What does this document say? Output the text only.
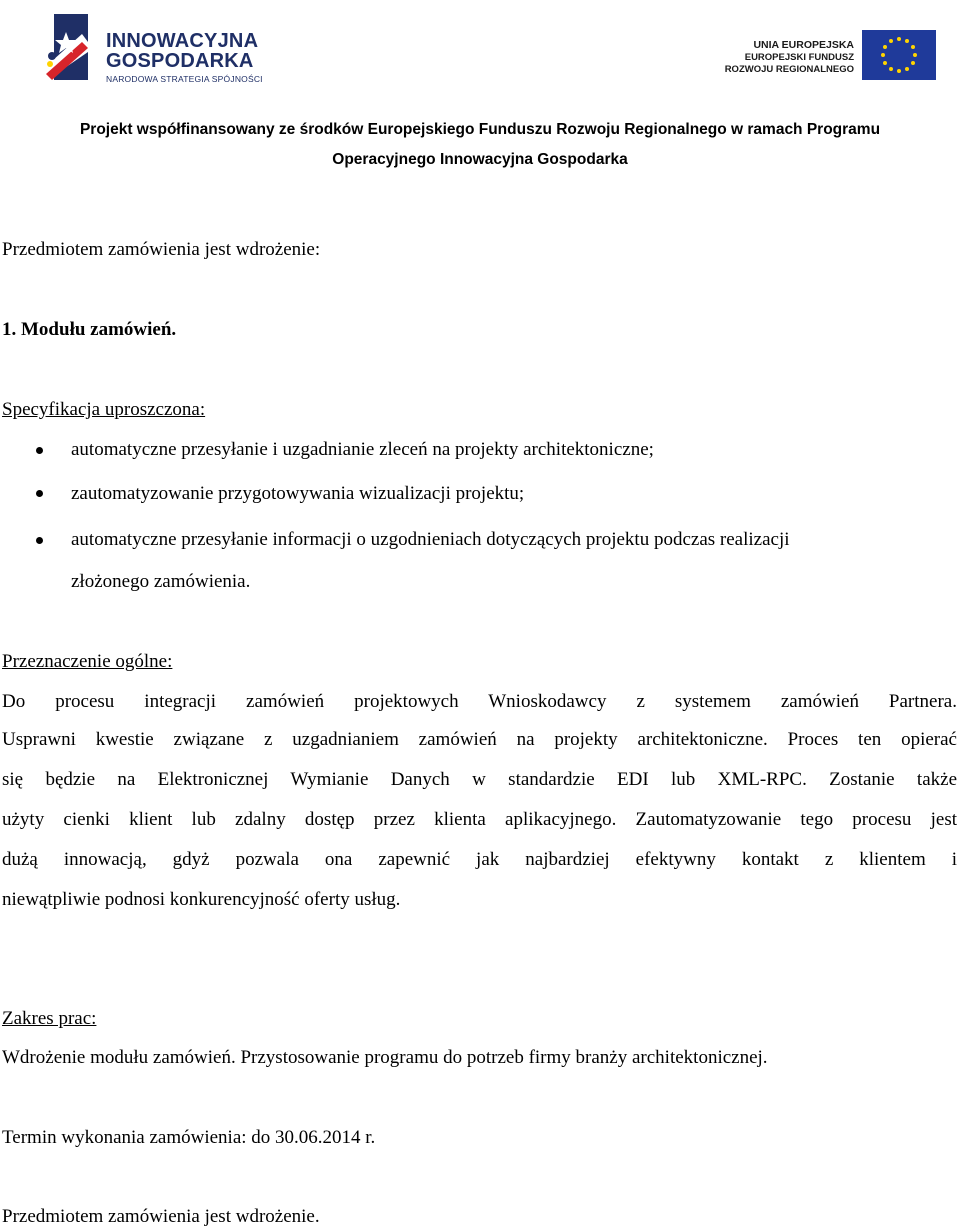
INNOWACYJNA
GOSPODARKA
NARODOWA STRATEGIA SPÓJNOŚCI
UNIA EUROPEJSKA
EUROPEJSKI FUNDUSZ
ROZWOJU REGIONALNEGO
Projekt współfinansowany ze środków Europejskiego Funduszu Rozwoju Regionalnego w ramach Programu
Operacyjnego Innowacyjna Gospodarka
Przedmiotem zamówienia jest wdrożenie:
1. Modułu zamówień.
Specyfikacja uproszczona:
automatyczne przesyłanie i uzgadnianie zleceń na projekty architektoniczne;
zautomatyzowanie przygotowywania wizualizacji projektu;
automatyczne przesyłanie informacji o uzgodnieniach dotyczących projektu podczas realizacji
złożonego zamówienia.
Przeznaczenie ogólne:
Do procesu integracji zamówień projektowych Wnioskodawcy z systemem zamówień Partnera.
Usprawni kwestie związane z uzgadnianiem zamówień na projekty architektoniczne. Proces ten opierać
się będzie na Elektronicznej Wymianie Danych w standardzie EDI lub XML-RPC. Zostanie także
użyty cienki klient lub zdalny dostęp przez klienta aplikacyjnego. Zautomatyzowanie tego procesu jest
dużą innowacją, gdyż pozwala ona zapewnić jak najbardziej efektywny kontakt z klientem i
niewątpliwie podnosi konkurencyjność oferty usług.
Zakres prac:
Wdrożenie modułu zamówień. Przystosowanie programu do potrzeb firmy branży architektonicznej.
Termin wykonania zamówienia: do 30.06.2014 r.
Przedmiotem zamówienia jest wdrożenie.
